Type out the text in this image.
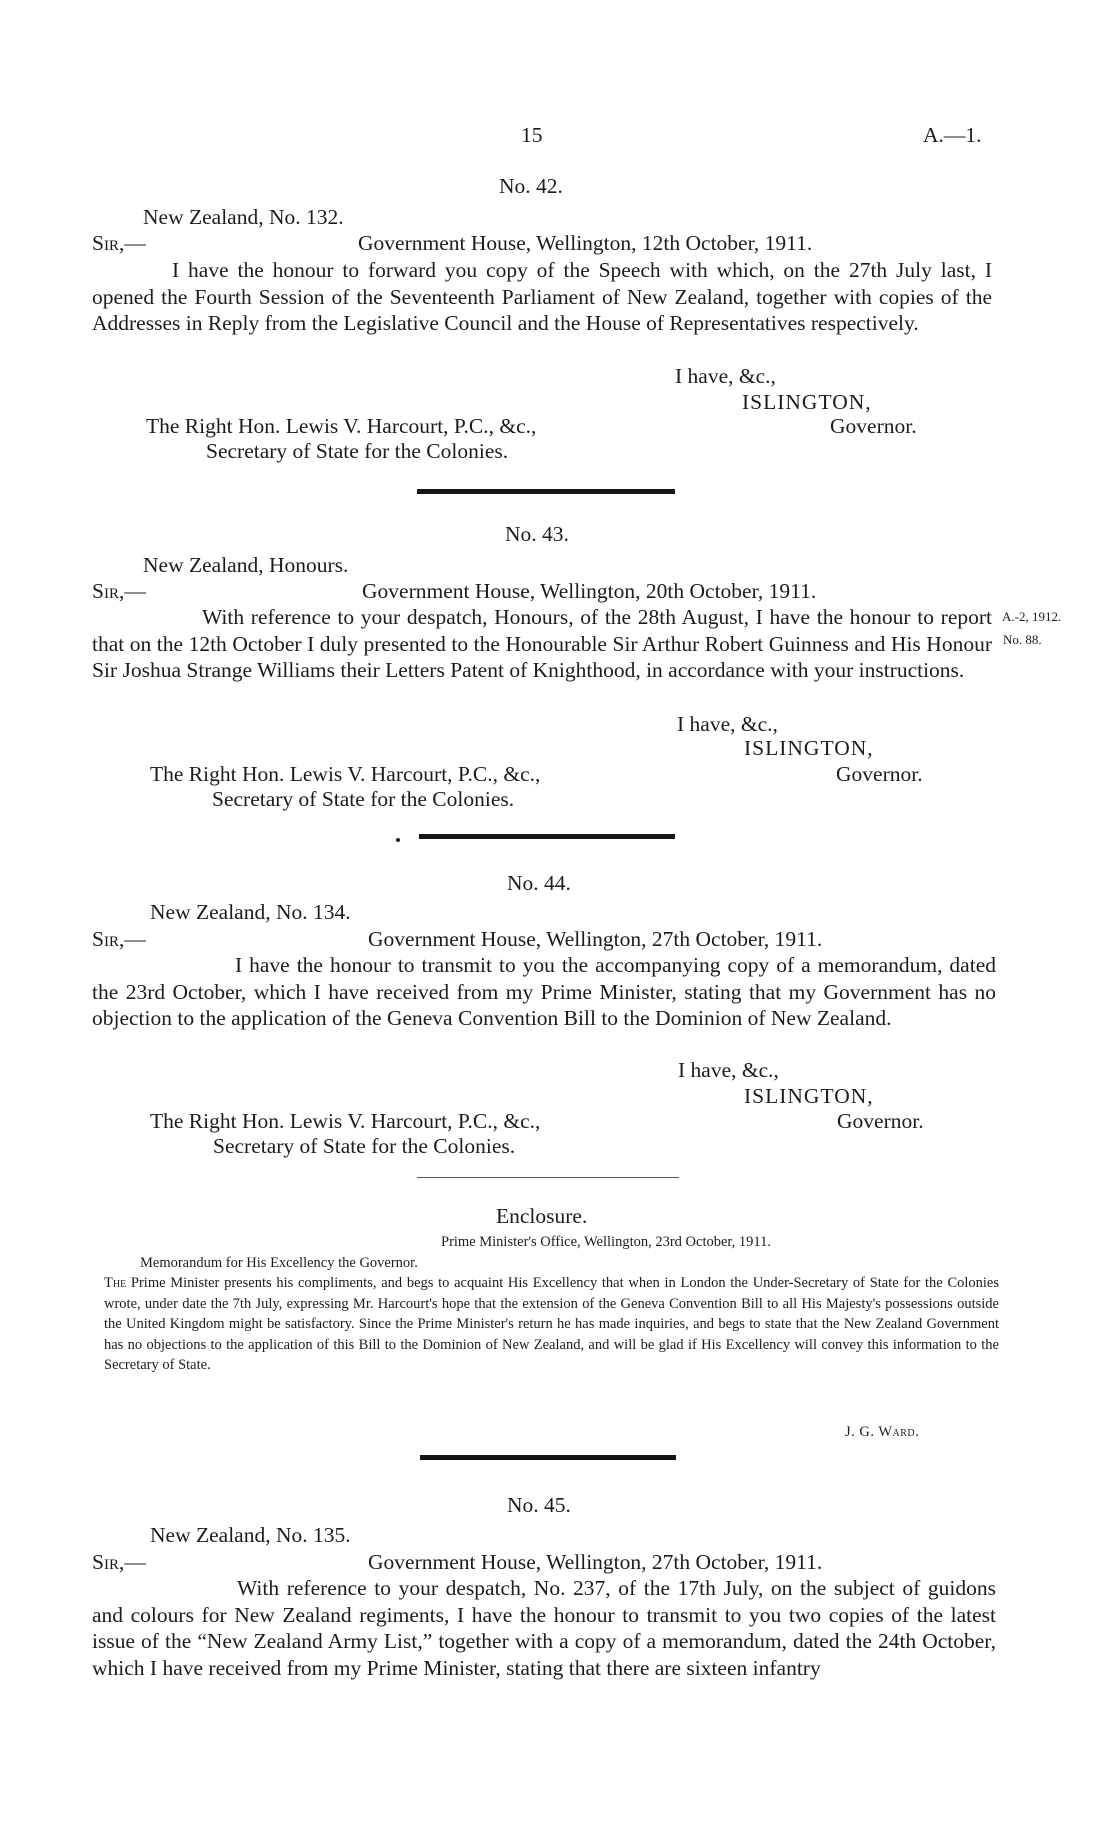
15	A.—1.
No. 42.
New Zealand, No. 132.
Sir,—	Government House, Wellington, 12th October, 1911.
I have the honour to forward you copy of the Speech with which, on the 27th July last, I opened the Fourth Session of the Seventeenth Parliament of New Zealand, together with copies of the Addresses in Reply from the Legislative Council and the House of Representatives respectively.
I have, &c.,
ISLINGTON,
Governor.
The Right Hon. Lewis V. Harcourt, P.C., &c.,
Secretary of State for the Colonies.
No. 43.
New Zealand, Honours.
Sir,—	Government House, Wellington, 20th October, 1911.
With reference to your despatch, Honours, of the 28th August, I have the honour to report that on the 12th October I duly presented to the Honourable Sir Arthur Robert Guinness and His Honour Sir Joshua Strange Williams their Letters Patent of Knighthood, in accordance with your instructions.
A.-2, 1912.
No. 88.
I have, &c.,
ISLINGTON,
Governor.
The Right Hon. Lewis V. Harcourt, P.C., &c.,
Secretary of State for the Colonies.
No. 44.
New Zealand, No. 134.
Sir,—	Government House, Wellington, 27th October, 1911.
I have the honour to transmit to you the accompanying copy of a memorandum, dated the 23rd October, which I have received from my Prime Minister, stating that my Government has no objection to the application of the Geneva Convention Bill to the Dominion of New Zealand.
I have, &c.,
ISLINGTON,
Governor.
The Right Hon. Lewis V. Harcourt, P.C., &c.,
Secretary of State for the Colonies.
Enclosure.
Prime Minister's Office, Wellington, 23rd October, 1911.
Memorandum for His Excellency the Governor.
The Prime Minister presents his compliments, and begs to acquaint His Excellency that when in London the Under-Secretary of State for the Colonies wrote, under date the 7th July, expressing Mr. Harcourt's hope that the extension of the Geneva Convention Bill to all His Majesty's possessions outside the United Kingdom might be satisfactory. Since the Prime Minister's return he has made inquiries, and begs to state that the New Zealand Government has no objections to the application of this Bill to the Dominion of New Zealand, and will be glad if His Excellency will convey this information to the Secretary of State.
J. G. Ward.
No. 45.
New Zealand, No. 135.
Sir,—	Government House, Wellington, 27th October, 1911.
With reference to your despatch, No. 237, of the 17th July, on the subject of guidons and colours for New Zealand regiments, I have the honour to transmit to you two copies of the latest issue of the “New Zealand Army List,” together with a copy of a memorandum, dated the 24th October, which I have received from my Prime Minister, stating that there are sixteen infantry
